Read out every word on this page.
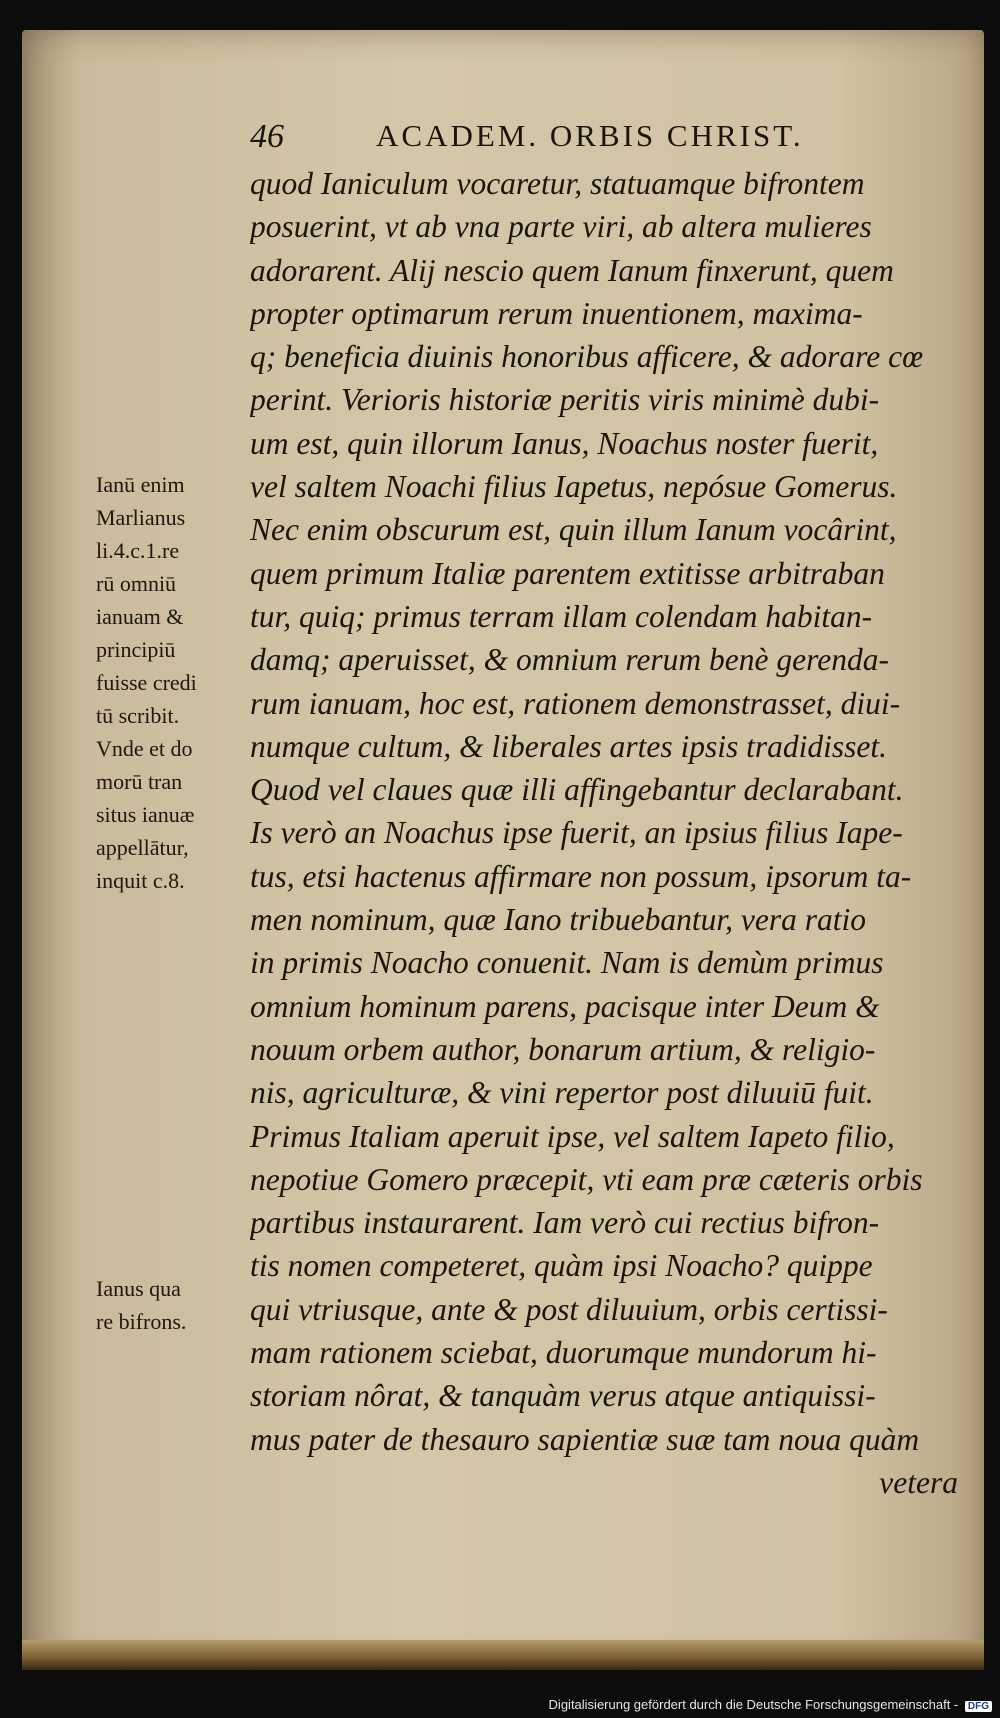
46	ACADEM. ORBIS CHRIST.
quod Ianiculum vocaretur, statuamque bifrontem
posuerint, vt ab vna parte viri, ab altera mulieres
adorarent. Alij nescio quem Ianum finxerunt, quem
propter optimarum rerum inuentionem, maxima-
q; beneficia diuinis honoribus afficere, & adorare cœ
perint. Verioris historiæ peritis viris minimè dubi-
um est, quin illorum Ianus, Noachus noster fuerit,
vel saltem Noachi filius Iapetus, nepósue Gomerus.
Nec enim obscurum est, quin illum Ianum vocârint,
quem primum Italiæ parentem extitisse arbitraban
tur, quiq; primus terram illam colendam habitan-
damq; aperuisset, & omnium rerum benè gerenda-
rum ianuam, hoc est, rationem demonstrasset, diui-
numque cultum, & liberales artes ipsis tradidisset.
Quod vel claues quæ illi affingebantur declarabant.
Is verò an Noachus ipse fuerit, an ipsius filius Iape-
tus, etsi hactenus affirmare non possum, ipsorum ta-
men nominum, quæ Iano tribuebantur, vera ratio
in primis Noacho conuenit. Nam is demùm primus
omnium hominum parens, pacisque inter Deum &
nouum orbem author, bonarum artium, & religio-
nis, agriculturæ, & vini repertor post diluuiū fuit.
Primus Italiam aperuit ipse, vel saltem Iapeto filio,
nepotiue Gomero præcepit, vti eam præ cæteris orbis
partibus instaurarent. Iam verò cui rectius bifron-
tis nomen competeret, quàm ipsi Noacho? quippe
qui vtriusque, ante & post diluuium, orbis certissi-
mam rationem sciebat, duorumque mundorum hi-
storiam nôrat, & tanquàm verus atque antiquissi-
mus pater de thesauro sapientiæ suæ tam noua quàm
vetera
Ianū enim
Marlianus
li.4.c.1.re
rū omniū
ianuam &
principiū
fuisse credi
tū scribit.
Vnde et do
morū tran
situs ianuæ
appellātur,
inquit c.8.
Ianus qua
re bifrons.
Digitalisierung gefördert durch die Deutsche Forschungsgemeinschaft - DFG
